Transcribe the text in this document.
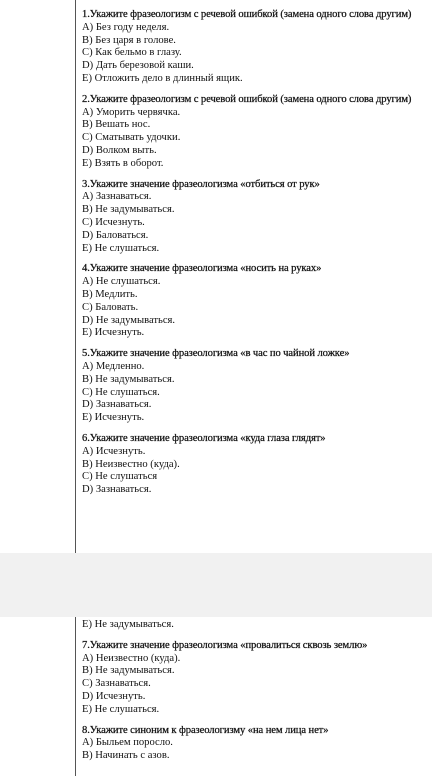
1.Укажите фразеологизм с речевой ошибкой (замена одного слова другим)
A) Без году неделя.
B) Без царя в голове.
C) Как бельмо в глазу.
D) Дать березовой каши.
E) Отложить дело в длинный ящик.
2.Укажите фразеологизм с речевой ошибкой (замена одного слова другим)
A) Уморить червячка.
B) Вешать нос.
C) Сматывать удочки.
D) Волком выть.
E) Взять в оборот.
3.Укажите значение фразеологизма «отбиться от рук»
A) Зазнаваться.
B) Не задумываться.
C) Исчезнуть.
D) Баловаться.
E) Не слушаться.
4.Укажите значение фразеологизма «носить на руках»
A) Не слушаться.
B) Медлить.
C) Баловать.
D) Не задумываться.
E) Исчезнуть.
5.Укажите значение фразеологизма «в час по чайной ложке»
A) Медленно.
B) Не задумываться.
C) Не слушаться.
D) Зазнаваться.
E) Исчезнуть.
6.Укажите значение фразеологизма «куда глаза глядят»
A) Исчезнуть.
B) Неизвестно (куда).
C) Не слушаться
D) Зазнаваться.
E) Не задумываться.
7.Укажите значение фразеологизма «провалиться сквозь землю»
A) Неизвестно (куда).
B) Не задумываться.
C) Зазнаваться.
D) Исчезнуть.
E) Не слушаться.
8.Укажите синоним к фразеологизму «на нем лица нет»
A) Быльем поросло.
B) Начинать с азов.
